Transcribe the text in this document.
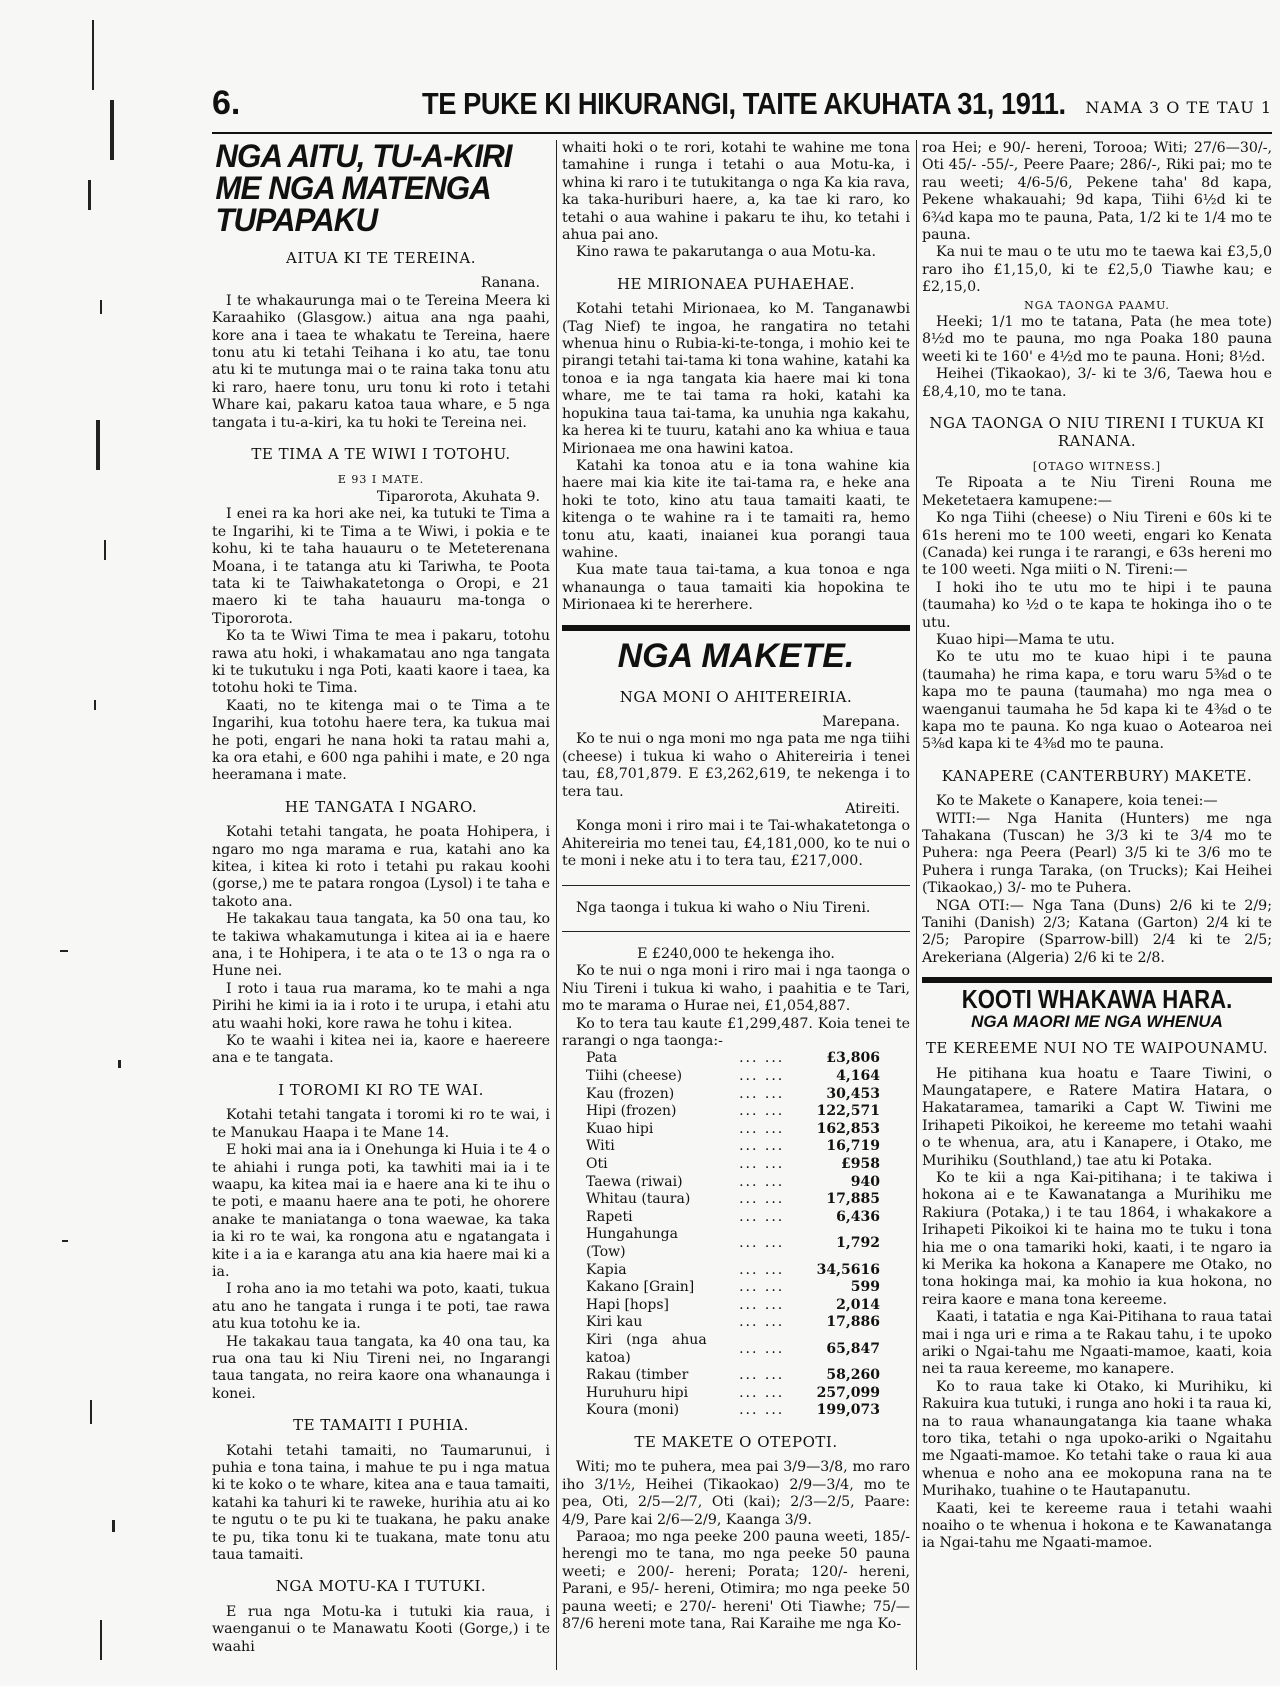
6.	TE PUKE KI HIKURANGI, TAITE AKUHATA 31, 1911. NAMA 3 O TE TAU 1
NGA AITU, TU-A-KIRI ME NGA MATENGA TUPAPAKU
AITUA KI TE TEREINA.
Ranana.

I te whakaurunga mai o te Tereina Meera ki Karaahiko (Glasgow.) aitua ana nga paahi, kore ana i taea te whakatu te Tereina, haere tonu atu ki tetahi Teihana i ko atu, tae tonu atu ki te mutunga mai o te raina taka tonu atu ki raro, haere tonu, uru tonu ki roto i tetahi Whare kai, pakaru katoa taua whare, e 5 nga tangata i tu-a-kiri, ka tu hoki te Tereina nei.

TE TIMA A TE WIWI I TOTOHU.
E 93 I MATE.
Tiparorota, Akuhata 9.

I enei ra ka hori ake nei, ka tutuki te Tima a te Ingarihi, ki te Tima a te Wiwi, i pokia e te kohu, ki te taha hauauru o te Meteterenana Moana, i te tatanga atu ki Tariwha, te Poota tata ki te Taiwhakatetonga o Oropi, e 21 maero ki te taha hauauru ma-tonga o Tipororota.

Ko ta te Wiwi Tima te mea i pakaru, totohu rawa atu hoki, i whakamatau ano nga tangata ki te tukutuku i nga Poti, kaati kaore i taea, ka totohu hoki te Tima.

Kaati, no te kitenga mai o te Tima a te Ingarihi, kua totohu haere tera, ka tukua mai he poti, engari he nana hoki ta ratau mahi a, ka ora etahi, e 600 nga pahihi i mate, e 20 nga heeramana i mate.

HE TANGATA I NGARO.

Kotahi tetahi tangata, he poata Hohipera, i ngaro mo nga marama e rua, katahi ano ka kitea, i kitea ki roto i tetahi pu rakau koohi (gorse,) me te patara rongoa (Lysol) i te taha e takoto ana.

He takakau taua tangata, ka 50 ona tau, ko te takiwa whakamutunga i kitea ai ia e haere ana, i te Hohipera, i te ata o te 13 o nga ra o Hune nei.

I roto i taua rua marama, ko te mahi a nga Pirihi he kimi ia ia i roto i te urupa, i etahi atu atu waahi hoki, kore rawa he tohu i kitea.

Ko te waahi i kitea nei ia, kaore e haereere ana e te tangata.

I TOROMI KI RO TE WAI.

Kotahi tetahi tangata i toromi ki ro te wai, i te Manukau Haapa i te Mane 14.

E hoki mai ana ia i Onehunga ki Huia i te 4 o te ahiahi i runga poti, ka tawhiti mai ia i te waapu, ka kitea mai ia e haere ana ki te ihu o te poti, e maanu haere ana te poti, he ohorere anake te maniatanga o tona waewae, ka taka ia ki ro te wai, ka rongona atu e ngatangata i kite i a ia e karanga atu ana kia haere mai ki a ia.

I roha ano ia mo tetahi wa poto, kaati, tukua atu ano he tangata i runga i te poti, tae rawa atu kua totohu ke ia.

He takakau taua tangata, ka 40 ona tau, ka rua ona tau ki Niu Tireni nei, no Ingarangi taua tangata, no reira kaore ona whanaunga i konei.

TE TAMAITI I PUHIA.

Kotahi tetahi tamaiti, no Taumarunui, i puhia e tona taina, i mahue te pu i nga matua ki te koko o te whare, kitea ana e taua tamaiti, katahi ka tahuri ki te raweke, hurihia atu ai ko te ngutu o te pu ki te tuakana, he paku anake te pu, tika tonu ki te tuakana, mate tonu atu taua tamaiti.

NGA MOTU-KA I TUTUKI.

E rua nga Motu-ka i tutuki kia raua, i waenganui o te Manawatu Kooti (Gorge,) i te waahi

whaiti hoki o te rori, kotahi te wahine me tona tamahine i runga i tetahi o aua Motu-ka, i whina ki raro i te tutukitanga o nga Ka kia rava, ka taka-huriburi haere, a, ka tae ki raro, ko tetahi o aua wahine i pakaru te ihu, ko tetahi i ahua pai ano.

Kino rawa te pakarutanga o aua Motu-ka.

HE MIRIONAEA PUHAEHAE.

Kotahi tetahi Mirionaea, ko M. Tanganawbi (Tag Nief) te ingoa, he rangatira no tetahi whenua hinu o Rubia-ki-te-tonga, i mohio kei te pirangi tetahi tai-tama ki tona wahine, katahi ka tonoa e ia nga tangata kia haere mai ki tona whare, me te tai tama ra hoki, katahi ka hopukina taua tai-tama, ka unuhia nga kakahu, ka herea ki te tuuru, katahi ano ka whiua e taua Mirionaea me ona hawini katoa.

Katahi ka tonoa atu e ia tona wahine kia haere mai kia kite ite tai-tama ra, e heke ana hoki te toto, kino atu taua tamaiti kaati, te kitenga o te wahine ra i te tamaiti ra, hemo tonu atu, kaati, inaianei kua porangi taua wahine.

Kua mate taua tai-tama, a kua tonoa e nga whanaunga o taua tamaiti kia hopokina te Mirionaea ki te hererhere.

NGA MAKETE.
NGA MONI O AHITEREIRIA.
Marepana.

Ko te nui o nga moni mo nga pata me nga tiihi (cheese) i tukua ki waho o Ahitereiria i tenei tau, £8,701,879. E £3,262,619, te nekenga i to tera tau.

Atireiti.

Konga moni i riro mai i te Tai-whakatetonga o Ahitereiria mo tenei tau, £4,181,000, ko te nui o te moni i neke atu i to tera tau, £217,000.

Nga taonga i tukua ki waho o Niu Tireni.

E £240,000 te hekenga iho.

Ko te nui o nga moni i riro mai i nga taonga o Niu Tireni i tukua ki waho, i paahitia e te Tari, mo te marama o Hurae nei, £1,054,887.

Ko to tera tau kaute £1,299,487. Koia tenei te rarangi o nga taonga:-

Pata	... ...	£3,806
Tiihi (cheese)	... ...	4,164
Kau (frozen)	... ...	30,453
Hipi (frozen)	... ...	122,571
Kuao hipi	... ...	162,853
Witi	... ...	16,719
Oti	... ...	£958
Taewa (riwai)	... ...	940
Whitau (taura)	... ...	17,885
Rapeti	... ...	6,436
Hungahunga (Tow)	... ...	1,792
Kapia	... ...	34,5616
Kakano [Grain]	... ...	599
Hapi [hops]	... ...	2,014
Kiri kau	... ...	17,886
Kiri (nga ahua katoa)	... ...	65,847
Rakau (timber	... ...	58,260
Huruhuru hipi	... ...	257,099
Koura (moni)	... ...	199,073
TE MAKETE O OTEPOTI.

Witi; mo te puhera, mea pai 3/9—3/8, mo raro iho 3/1½, Heihei (Tikaokao) 2/9—3/4, mo te pea, Oti, 2/5—2/7, Oti (kai); 2/3—2/5, Paare: 4/9, Pare kai 2/6—2/9, Kaanga 3/9.

Paraoa; mo nga peeke 200 pauna weeti, 185/- herengi mo te tana, mo nga peeke 50 pauna weeti; e 200/- hereni; Porata; 120/- hereni, Parani, e 95/- hereni, Otimira; mo nga peeke 50 pauna weeti; e 270/- hereni' Oti Tiawhe; 75/— 87/6 hereni mote tana, Rai Karaihe me nga Ko-

roa Hei; e 90/- hereni, Torooa; Witi; 27/6—30/-, Oti 45/- -55/-, Peere Paare; 286/-, Riki pai; mo te rau weeti; 4/6-5/6, Pekene taha' 8d kapa, Pekene whakauahi; 9d kapa, Tiihi 6½d ki te 6¾d kapa mo te pauna, Pata, 1/2 ki te 1/4 mo te pauna.

Ka nui te mau o te utu mo te taewa kai £3,5,0 raro iho £1,15,0, ki te £2,5,0 Tiawhe kau; e £2,15,0.

NGA TAONGA PAAMU.

Heeki; 1/1 mo te tatana, Pata (he mea tote) 8½d mo te pauna, mo nga Poaka 180 pauna weeti ki te 160' e 4½d mo te pauna. Honi; 8½d.

Heihei (Tikaokao), 3/- ki te 3/6, Taewa hou e £8,4,10, mo te tana.

NGA TAONGA O NIU TIRENI I TUKUA KI RANANA.
[OTAGO WITNESS.]

Te Ripoata a te Niu Tireni Rouna me Meketetaera kamupene:—

Ko nga Tiihi (cheese) o Niu Tireni e 60s ki te 61s hereni mo te 100 weeti, engari ko Kenata (Canada) kei runga i te rarangi, e 63s hereni mo te 100 weeti. Nga miiti o N. Tireni:—

I hoki iho te utu mo te hipi i te pauna (taumaha) ko ½d o te kapa te hokinga iho o te utu.

Kuao hipi—Mama te utu.

Ko te utu mo te kuao hipi i te pauna (taumaha) he rima kapa, e toru waru 5⅜d o te kapa mo te pauna (taumaha) mo nga mea o waenganui taumaha he 5d kapa ki te 4⅜d o te kapa mo te pauna. Ko nga kuao o Aotearoa nei 5⅜d kapa ki te 4⅜d mo te pauna.

KANAPERE (CANTERBURY) MAKETE.

Ko te Makete o Kanapere, koia tenei:—

WITI:— Nga Hanita (Hunters) me nga Tahakana (Tuscan) he 3/3 ki te 3/4 mo te Puhera: nga Peera (Pearl) 3/5 ki te 3/6 mo te Puhera i runga Taraka, (on Trucks); Kai Heihei (Tikaokao,) 3/- mo te Puhera.

NGA OTI:— Nga Tana (Duns) 2/6 ki te 2/9; Tanihi (Danish) 2/3; Katana (Garton) 2/4 ki te 2/5; Paropire (Sparrow-bill) 2/4 ki te 2/5; Arekeriana (Algeria) 2/6 ki te 2/8.

KOOTI WHAKAWA HARA.
NGA MAORI ME NGA WHENUA
TE KEREEME NUI NO TE WAIPOUNAMU.

He pitihana kua hoatu e Taare Tiwini, o Maungatapere, e Ratere Matira Hatara, o Hakataramea, tamariki a Capt W. Tiwini me Irihapeti Pikoikoi, he kereeme mo tetahi waahi o te whenua, ara, atu i Kanapere, i Otako, me Murihiku (Southland,) tae atu ki Potaka.

Ko te kii a nga Kai-pitihana; i te takiwa i hokona ai e te Kawanatanga a Murihiku me Rakiura (Potaka,) i te tau 1864, i whakakore a Irihapeti Pikoikoi ki te haina mo te tuku i tona hia me o ona tamariki hoki, kaati, i te ngaro ia ki Merika ka hokona a Kanapere me Otako, no tona hokinga mai, ka mohio ia kua hokona, no reira kaore e mana tona kereeme.

Kaati, i tatatia e nga Kai-Pitihana to raua tatai mai i nga uri e rima a te Rakau tahu, i te upoko ariki o Ngai-tahu me Ngaati-mamoe, kaati, koia nei ta raua kereeme, mo kanapere.

Ko to raua take ki Otako, ki Murihiku, ki Rakuira kua tutuki, i runga ano hoki i ta raua ki, na to raua whanaungatanga kia taane whaka toro tika, tetahi o nga upoko-ariki o Ngaitahu me Ngaati-mamoe. Ko tetahi take o raua ki aua whenua e noho ana ee mokopuna rana na te Murihako, tuahine o te Hautapanutu.

Kaati, kei te kereeme raua i tetahi waahi noaiho o te whenua i hokona e te Kawanatanga ia Ngai-tahu me Ngaati-mamoe.
